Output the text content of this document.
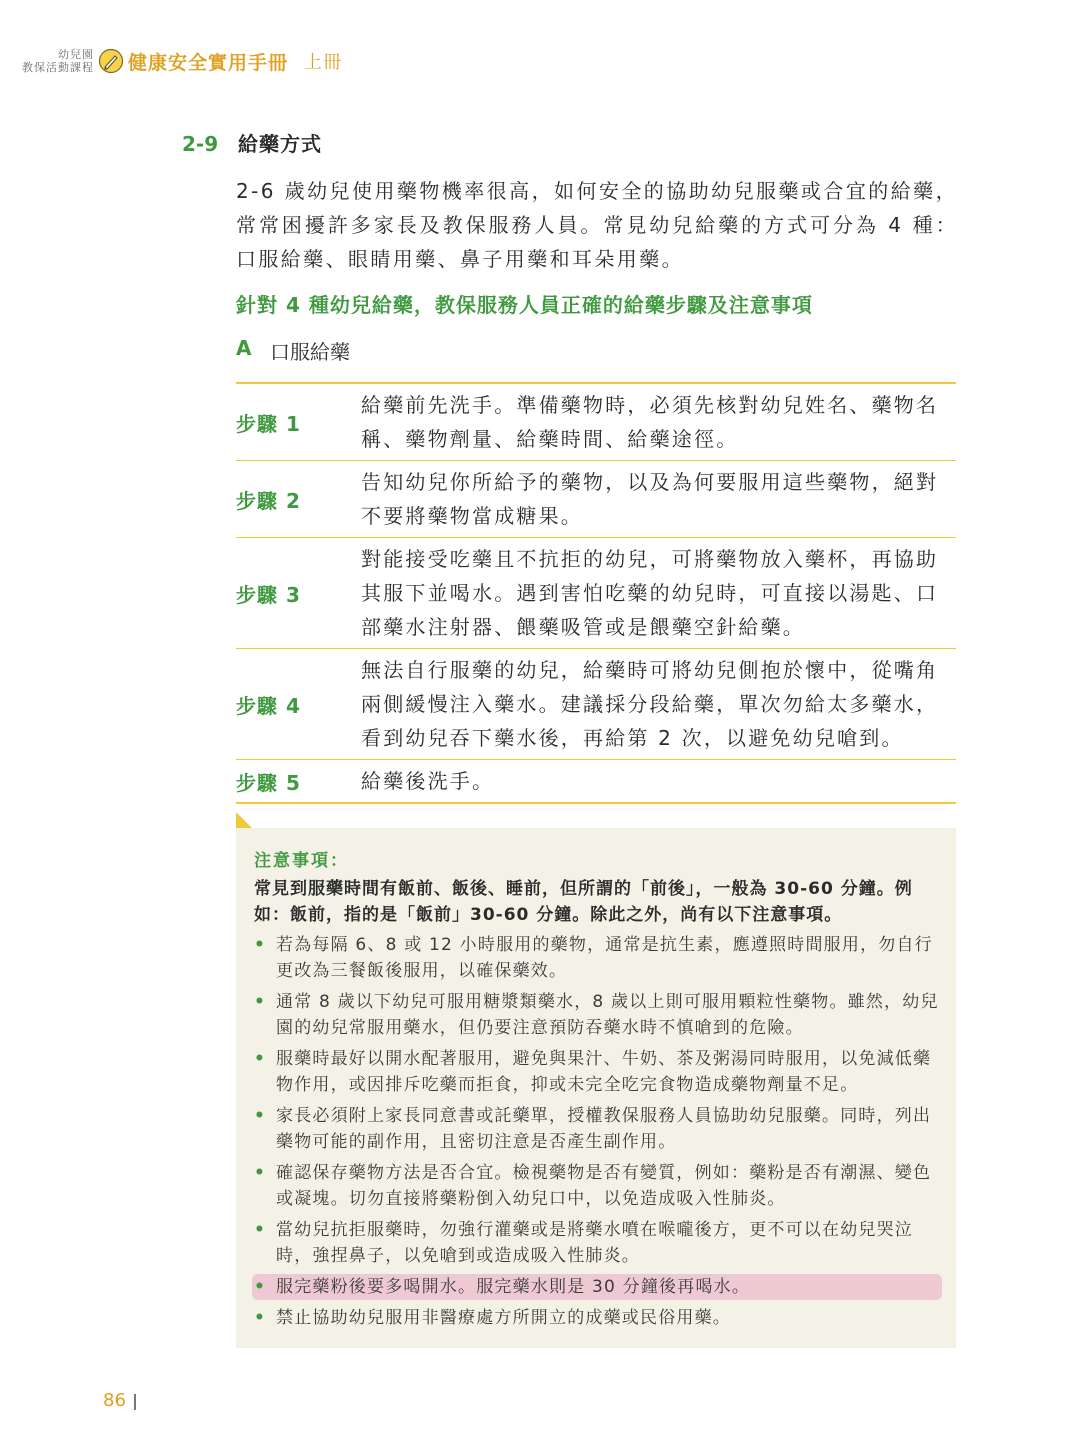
幼兒園
教保活動課程 健康安全實用手冊 上冊
2-9 給藥方式

2-6 歲幼兒使用藥物機率很高，如何安全的協助幼兒服藥或合宜的給藥，常常困擾許多家長及教保服務人員。常見幼兒給藥的方式可分為 4 種：口服給藥、眼睛用藥、鼻子用藥和耳朵用藥。

針對 4 種幼兒給藥，教保服務人員正確的給藥步驟及注意事項
A 口服給藥
步驟 1
給藥前先洗手。準備藥物時，必須先核對幼兒姓名、藥物名稱、藥物劑量、給藥時間、給藥途徑。
步驟 2
告知幼兒你所給予的藥物，以及為何要服用這些藥物，絕對不要將藥物當成糖果。
步驟 3
對能接受吃藥且不抗拒的幼兒，可將藥物放入藥杯，再協助其服下並喝水。遇到害怕吃藥的幼兒時，可直接以湯匙、口部藥水注射器、餵藥吸管或是餵藥空針給藥。
步驟 4
無法自行服藥的幼兒，給藥時可將幼兒側抱於懷中，從嘴角兩側緩慢注入藥水。建議採分段給藥，單次勿給太多藥水，看到幼兒吞下藥水後，再給第 2 次，以避免幼兒嗆到。
步驟 5	給藥後洗手。
注意事項：
常見到服藥時間有飯前、飯後、睡前，但所謂的「前後」，一般為 30-60 分鐘。例如：飯前，指的是「飯前」30-60 分鐘。除此之外，尚有以下注意事項。
• 若為每隔 6、8 或 12 小時服用的藥物，通常是抗生素，應遵照時間服用，勿自行更改為三餐飯後服用，以確保藥效。
• 通常 8 歲以下幼兒可服用糖漿類藥水，8 歲以上則可服用顆粒性藥物。雖然，幼兒園的幼兒常服用藥水，但仍要注意預防吞藥水時不慎嗆到的危險。
• 服藥時最好以開水配著服用，避免與果汁、牛奶、茶及粥湯同時服用，以免減低藥物作用，或因排斥吃藥而拒食，抑或未完全吃完食物造成藥物劑量不足。
• 家長必須附上家長同意書或託藥單，授權教保服務人員協助幼兒服藥。同時，列出藥物可能的副作用，且密切注意是否產生副作用。
• 確認保存藥物方法是否合宜。檢視藥物是否有變質，例如：藥粉是否有潮濕、變色或凝塊。切勿直接將藥粉倒入幼兒口中，以免造成吸入性肺炎。
• 當幼兒抗拒服藥時，勿強行灌藥或是將藥水噴在喉嚨後方，更不可以在幼兒哭泣時，強捏鼻子，以免嗆到或造成吸入性肺炎。
• 服完藥粉後要多喝開水。服完藥水則是 30 分鐘後再喝水。
• 禁止協助幼兒服用非醫療處方所開立的成藥或民俗用藥。
86
